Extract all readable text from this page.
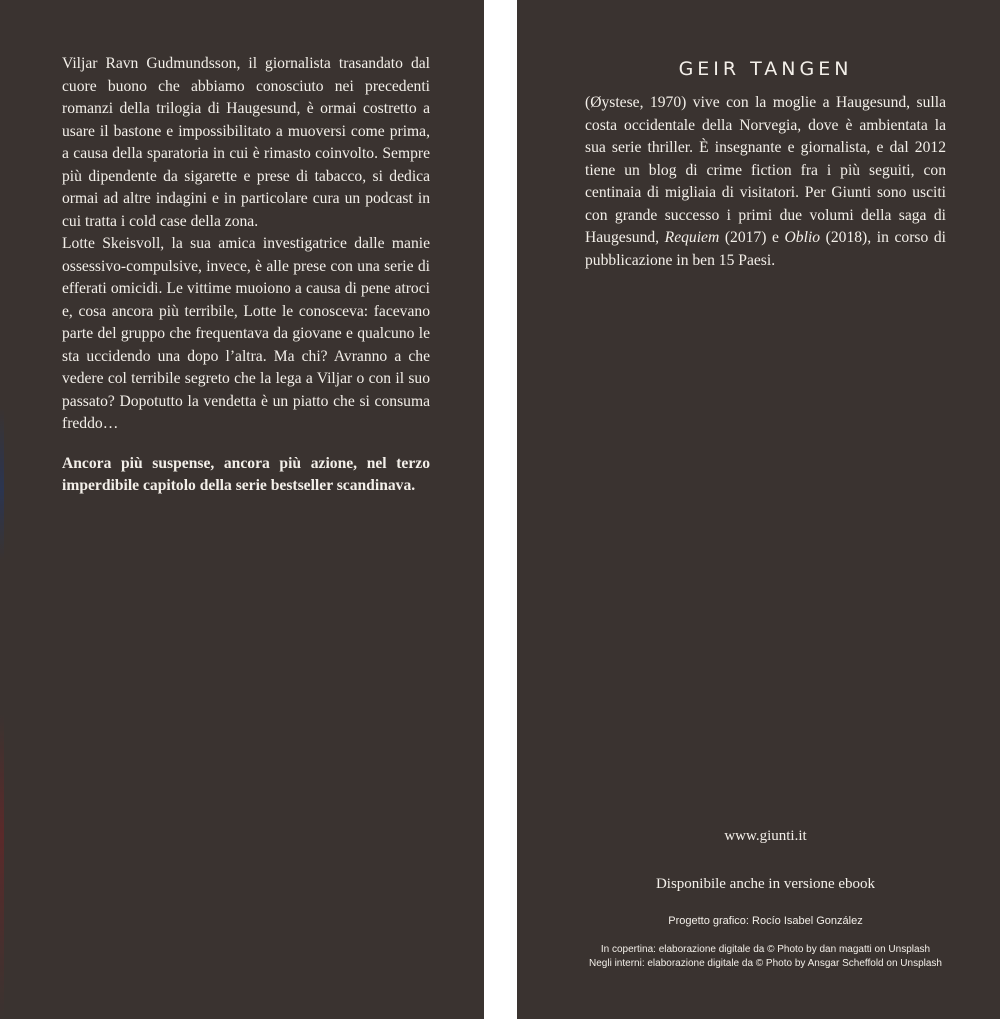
Viljar Ravn Gudmundsson, il giornalista trasandato dal cuore buono che abbiamo conosciuto nei precedenti romanzi della trilogia di Haugesund, è ormai costretto a usare il bastone e impossibilitato a muoversi come prima, a causa della sparatoria in cui è rimasto coinvolto. Sempre più dipendente da sigarette e prese di tabacco, si dedica ormai ad altre indagini e in particolare cura un podcast in cui tratta i cold case della zona.

Lotte Skeisvoll, la sua amica investigatrice dalle manie ossessivo-compulsive, invece, è alle prese con una serie di efferati omicidi. Le vittime muoiono a causa di pene atroci e, cosa ancora più terribile, Lotte le conosceva: facevano parte del gruppo che frequentava da giovane e qualcuno le sta uccidendo una dopo l’altra. Ma chi? Avranno a che vedere col terribile segreto che la lega a Viljar o con il suo passato? Dopotutto la vendetta è un piatto che si consuma freddo…

Ancora più suspense, ancora più azione, nel terzo imperdibile capitolo della serie bestseller scandinava.

GEIR TANGEN

(Øystese, 1970) vive con la moglie a Haugesund, sulla costa occidentale della Norvegia, dove è ambientata la sua serie thriller. È insegnante e giornalista, e dal 2012 tiene un blog di crime fiction fra i più seguiti, con centinaia di migliaia di visitatori. Per Giunti sono usciti con grande successo i primi due volumi della saga di Haugesund, Requiem (2017) e Oblio (2018), in corso di pubblicazione in ben 15 Paesi.

www.giunti.it
Disponibile anche in versione ebook
Progetto grafico: Rocío Isabel González
In copertina: elaborazione digitale da © Photo by dan magatti on Unsplash
Negli interni: elaborazione digitale da © Photo by Ansgar Scheffold on Unsplash
